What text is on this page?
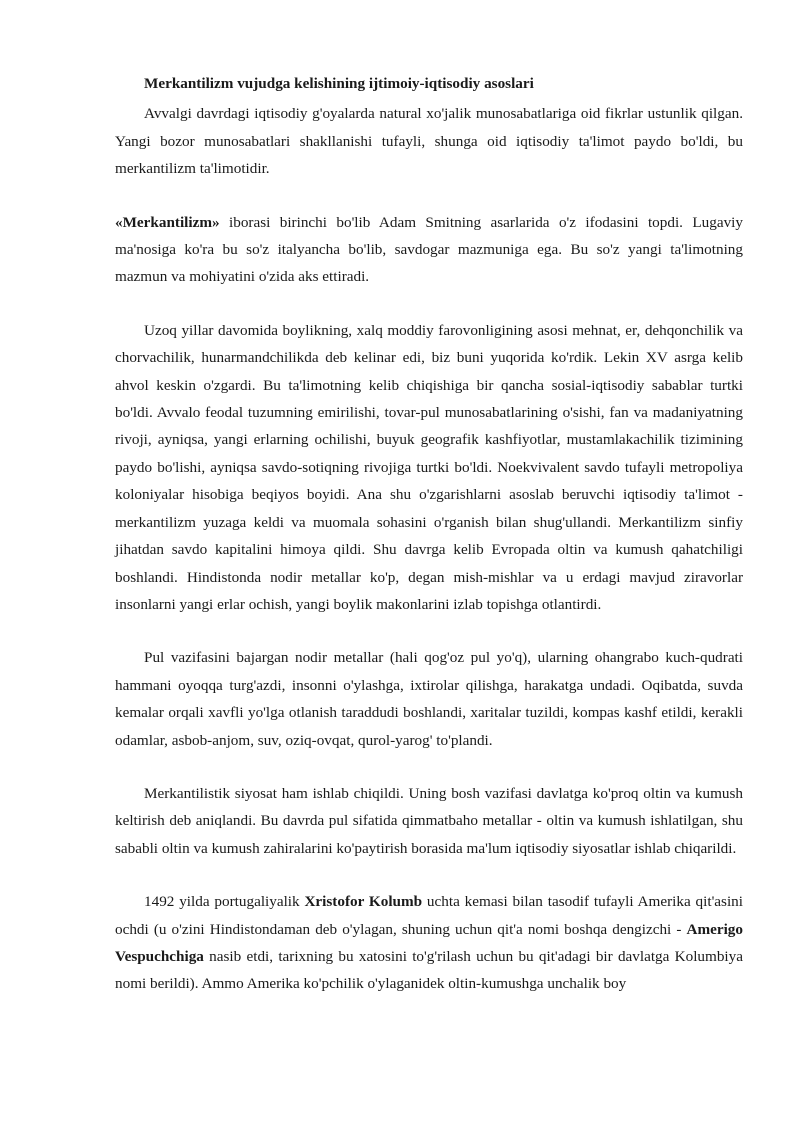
Merkantilizm vujudga kelishining ijtimoiy-iqtisodiy asoslari

Avvalgi davrdagi iqtisodiy g'oyalarda natural xo'jalik munosabatlariga oid fikrlar ustunlik qilgan. Yangi bozor munosabatlari shakllanishi tufayli, shunga oid iqtisodiy ta'limot paydo bo'ldi, bu merkantilizm ta'limotidir.

«Merkantilizm» iborasi birinchi bo'lib Adam Smitning asarlarida o'z ifodasini topdi. Lugaviy ma'nosiga ko'ra bu so'z italyancha bo'lib, savdogar mazmuniga ega. Bu so'z yangi ta'limotning mazmun va mohiyatini o'zida aks ettiradi.

Uzoq yillar davomida boylikning, xalq moddiy farovonligining asosi mehnat, er, dehqonchilik va chorvachilik, hunarmandchilikda deb kelinar edi, biz buni yuqorida ko'rdik. Lekin XV asrga kelib ahvol keskin o'zgardi. Bu ta'limotning kelib chiqishiga bir qancha sosial-iqtisodiy sabablar turtki bo'ldi. Avvalo feodal tuzumning emirilishi, tovar-pul munosabatlarining o'sishi, fan va madaniyatning rivoji, ayniqsa, yangi erlarning ochilishi, buyuk geografik kashfiyotlar, mustamlakachilik tizimining paydo bo'lishi, ayniqsa savdo-sotiqning rivojiga turtki bo'ldi. Noekvivalent savdo tufayli metropoliya koloniyalar hisobiga beqiyos boyidi. Ana shu o'zgarishlarni asoslab beruvchi iqtisodiy ta'limot - merkantilizm yuzaga keldi va muomala sohasini o'rganish bilan shug'ullandi. Merkantilizm sinfiy jihatdan savdo kapitalini himoya qildi. Shu davrga kelib Evropada oltin va kumush qahatchiligi boshlandi. Hindistonda nodir metallar ko'p, degan mish-mishlar va u erdagi mavjud ziravorlar insonlarni yangi erlar ochish, yangi boylik makonlarini izlab topishga otlantirdi.

Pul vazifasini bajargan nodir metallar (hali qog'oz pul yo'q), ularning ohangrabo kuch-qudrati hammani oyoqqa turg'azdi, insonni o'ylashga, ixtirolar qilishga, harakatga undadi. Oqibatda, suvda kemalar orqali xavfli yo'lga otlanish taraddudi boshlandi, xaritalar tuzildi, kompas kashf etildi, kerakli odamlar, asbob-anjom, suv, oziq-ovqat, qurol-yarog' to'plandi.

Merkantilistik siyosat ham ishlab chiqildi. Uning bosh vazifasi davlatga ko'proq oltin va kumush keltirish deb aniqlandi. Bu davrda pul sifatida qimmatbaho metallar - oltin va kumush ishlatilgan, shu sababli oltin va kumush zahiralarini ko'paytirish borasida ma'lum iqtisodiy siyosatlar ishlab chiqarildi.

1492 yilda portugaliyalik Xristofor Kolumb uchta kemasi bilan tasodif tufayli Amerika qit'asini ochdi (u o'zini Hindistondaman deb o'ylagan, shuning uchun qit'a nomi boshqa dengizchi - Amerigo Vespuchchiga nasib etdi, tarixning bu xatosini to'g'rilash uchun bu qit'adagi bir davlatga Kolumbiya nomi berildi). Ammo Amerika ko'pchilik o'ylaganidek oltin-kumushga unchalik boy
